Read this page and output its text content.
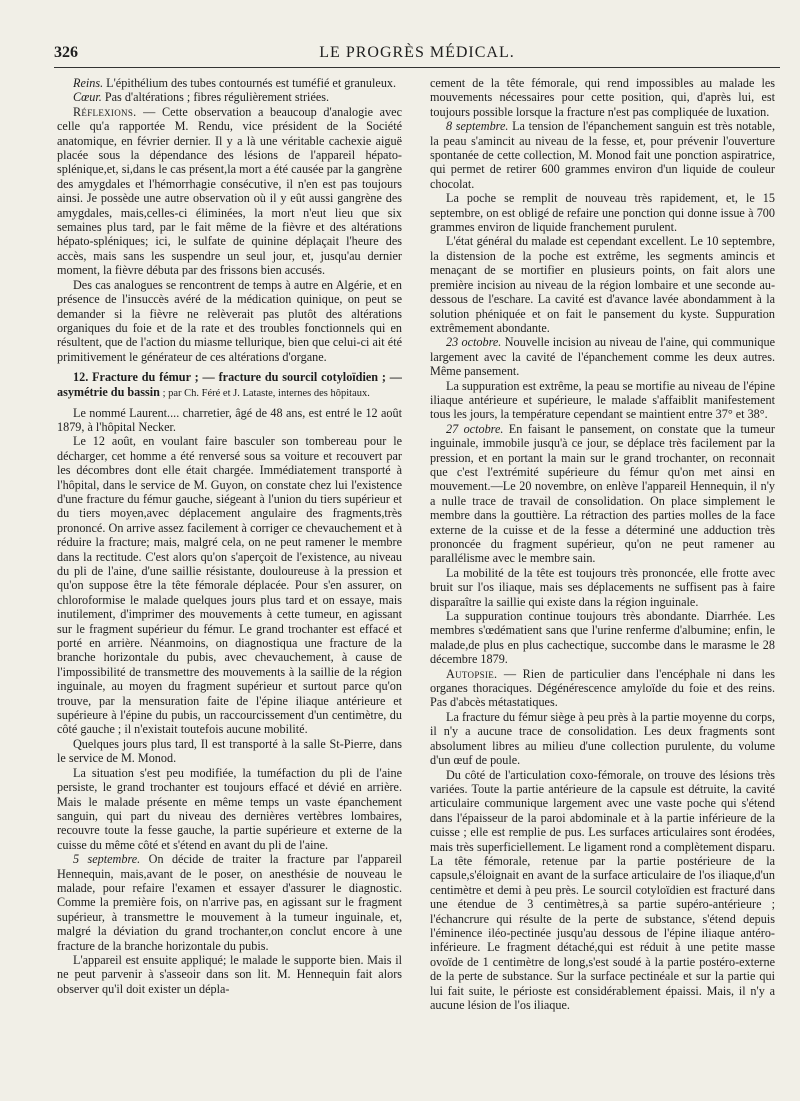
326	LE PROGRÈS MÉDICAL.

Reins. L'épithélium des tubes contournés est tuméfié et granuleux.

Cœur. Pas d'altérations ; fibres régulièrement striées.

Réflexions. — Cette observation a beaucoup d'analogie avec celle qu'a rapportée M. Rendu, vice président de la Société anatomique, en février dernier. Il y a là une véritable cachexie aiguë placée sous la dépendance des lésions de l'appareil hépato-splénique,et, si,dans le cas présent,la mort a été causée par la gangrène des amygdales et l'hémorrhagie consécutive, il n'en est pas toujours ainsi. Je possède une autre observation où il y eût aussi gangrène des amygdales, mais,celles-ci éliminées, la mort n'eut lieu que six semaines plus tard, par le fait même de la fièvre et des altérations hépato-spléniques; ici, le sulfate de quinine déplaçait l'heure des accès, mais sans les suspendre un seul jour, et, jusqu'au dernier moment, la fièvre débuta par des frissons bien accusés.

Des cas analogues se rencontrent de temps à autre en Algérie, et en présence de l'insuccès avéré de la médication quinique, on peut se demander si la fièvre ne relèverait pas plutôt des altérations organiques du foie et de la rate et des troubles fonctionnels qui en résultent, que de l'action du miasme tellurique, bien que celui-ci ait été primitivement le générateur de ces altérations d'organe.

12. Fracture du fémur ; — fracture du sourcil cotyloïdien ; — asymétrie du bassin ; par Ch. Féré et J. Lataste, internes des hôpitaux.

Le nommé Laurent.... charretier, âgé de 48 ans, est entré le 12 août 1879, à l'hôpital Necker.

Le 12 août, en voulant faire basculer son tombereau pour le décharger, cet homme a été renversé sous sa voiture et recouvert par les décombres dont elle était chargée. Immédiatement transporté à l'hôpital, dans le service de M. Guyon, on constate chez lui l'existence d'une fracture du fémur gauche, siégeant à l'union du tiers supérieur et du tiers moyen,avec déplacement angulaire des fragments,très prononcé. On arrive assez facilement à corriger ce chevauchement et à réduire la fracture; mais, malgré cela, on ne peut ramener le membre dans la rectitude. C'est alors qu'on s'aperçoit de l'existence, au niveau du pli de l'aine, d'une saillie résistante, douloureuse à la pression et qu'on suppose être la tête fémorale déplacée. Pour s'en assurer, on chloroformise le malade quelques jours plus tard et on essaye, mais inutilement, d'imprimer des mouvements à cette tumeur, en agissant sur le fragment supérieur du fémur. Le grand trochanter est effacé et porté en arrière. Néanmoins, on diagnostiqua une fracture de la branche horizontale du pubis, avec chevauchement, à cause de l'impossibilité de transmettre des mouvements à la saillie de la région inguinale, au moyen du fragment supérieur et surtout parce qu'on trouve, par la mensuration faite de l'épine iliaque antérieure et supérieure à l'épine du pubis, un raccourcissement d'un centimètre, du côté gauche ; il n'existait toutefois aucune mobilité.

Quelques jours plus tard, Il est transporté à la salle St-Pierre, dans le service de M. Monod.

La situation s'est peu modifiée, la tuméfaction du pli de l'aine persiste, le grand trochanter est toujours effacé et dévié en arrière. Mais le malade présente en même temps un vaste épanchement sanguin, qui part du niveau des dernières vertèbres lombaires, recouvre toute la fesse gauche, la partie supérieure et externe de la cuisse du même côté et s'étend en avant du pli de l'aine.

5 septembre. On décide de traiter la fracture par l'appareil Hennequin, mais,avant de le poser, on anesthésie de nouveau le malade, pour refaire l'examen et essayer d'assurer le diagnostic. Comme la première fois, on n'arrive pas, en agissant sur le fragment supérieur, à transmettre le mouvement à la tumeur inguinale, et, malgré la déviation du grand trochanter,on conclut encore à une fracture de la branche horizontale du pubis.

L'appareil est ensuite appliqué; le malade le supporte bien. Mais il ne peut parvenir à s'asseoir dans son lit. M. Hennequin fait alors observer qu'il doit exister un dépla-

cement de la tête fémorale, qui rend impossibles au malade les mouvements nécessaires pour cette position, qui, d'après lui, est toujours possible lorsque la fracture n'est pas compliquée de luxation.

8 septembre. La tension de l'épanchement sanguin est très notable, la peau s'amincit au niveau de la fesse, et, pour prévenir l'ouverture spontanée de cette collection, M. Monod fait une ponction aspiratrice, qui permet de retirer 600 grammes environ d'un liquide de couleur chocolat.

La poche se remplit de nouveau très rapidement, et, le 15 septembre, on est obligé de refaire une ponction qui donne issue à 700 grammes environ de liquide franchement purulent.

L'état général du malade est cependant excellent. Le 10 septembre, la distension de la poche est extrême, les segments amincis et menaçant de se mortifier en plusieurs points, on fait alors une première incision au niveau de la région lombaire et une seconde au-dessous de l'eschare. La cavité est d'avance lavée abondamment à la solution phéniquée et on fait le pansement du kyste. Suppuration extrêmement abondante.

23 octobre. Nouvelle incision au niveau de l'aine, qui communique largement avec la cavité de l'épanchement comme les deux autres. Même pansement.

La suppuration est extrême, la peau se mortifie au niveau de l'épine iliaque antérieure et supérieure, le malade s'affaiblit manifestement tous les jours, la température cependant se maintient entre 37° et 38°.

27 octobre. En faisant le pansement, on constate que la tumeur inguinale, immobile jusqu'à ce jour, se déplace très facilement par la pression, et en portant la main sur le grand trochanter, on reconnait que c'est l'extrémité supérieure du fémur qu'on met ainsi en mouvement.—Le 20 novembre, on enlève l'appareil Hennequin, il n'y a nulle trace de travail de consolidation. On place simplement le membre dans la gouttière. La rétraction des parties molles de la face externe de la cuisse et de la fesse a déterminé une adduction très prononcée du fragment supérieur, qu'on ne peut ramener au parallélisme avec le membre sain.

La mobilité de la tête est toujours très prononcée, elle frotte avec bruit sur l'os iliaque, mais ses déplacements ne suffisent pas à faire disparaître la saillie qui existe dans la région inguinale.

La suppuration continue toujours très abondante. Diarrhée. Les membres s'œdématient sans que l'urine renferme d'albumine; enfin, le malade,de plus en plus cachectique, succombe dans le marasme le 28 décembre 1879.

Autopsie. — Rien de particulier dans l'encéphale ni dans les organes thoraciques. Dégénérescence amyloïde du foie et des reins. Pas d'abcès métastatiques.

La fracture du fémur siège à peu près à la partie moyenne du corps, il n'y a aucune trace de consolidation. Les deux fragments sont absolument libres au milieu d'une collection purulente, du volume d'un œuf de poule.

Du côté de l'articulation coxo-fémorale, on trouve des lésions très variées. Toute la partie antérieure de la capsule est détruite, la cavité articulaire communique largement avec une vaste poche qui s'étend dans l'épaisseur de la paroi abdominale et à la partie inférieure de la cuisse ; elle est remplie de pus. Les surfaces articulaires sont érodées, mais très superficiellement. Le ligament rond a complètement disparu. La tête fémorale, retenue par la partie postérieure de la capsule,s'éloignait en avant de la surface articulaire de l'os iliaque,d'un centimètre et demi à peu près. Le sourcil cotyloïdien est fracturé dans une étendue de 3 centimètres,à sa partie supéro-antérieure ; l'échancrure qui résulte de la perte de substance, s'étend depuis l'éminence iléo-pectinée jusqu'au dessous de l'épine iliaque antéro-inférieure. Le fragment détaché,qui est réduit à une petite masse ovoïde de 1 centimètre de long,s'est soudé à la partie postéro-externe de la perte de substance. Sur la surface pectinéale et sur la partie qui lui fait suite, le périoste est considérablement épaissi. Mais, il n'y a aucune lésion de l'os iliaque.
